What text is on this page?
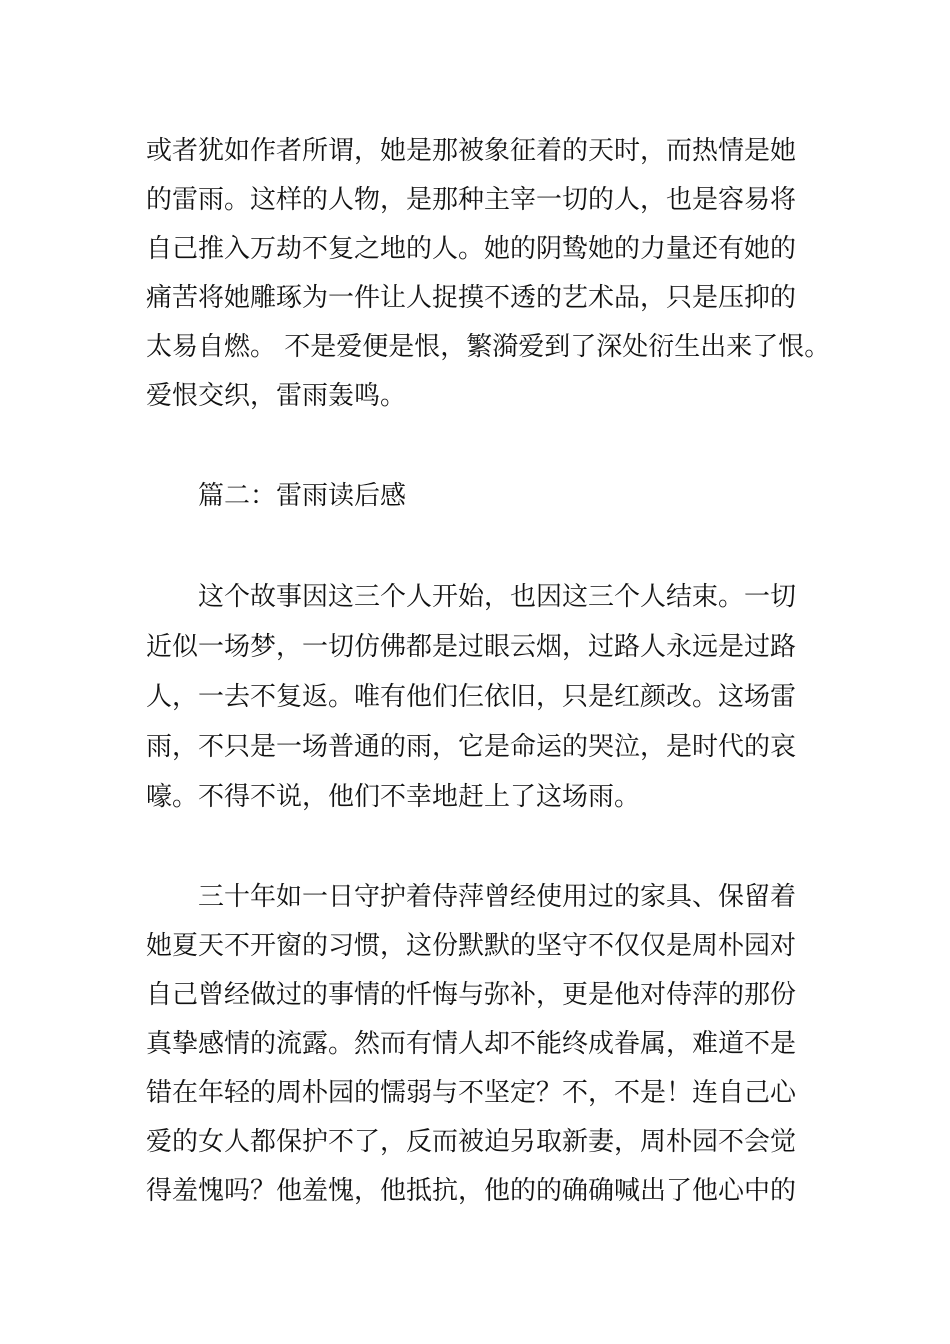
或者犹如作者所谓，她是那被象征着的天时，而热情是她
的雷雨。这样的人物，是那种主宰一切的人，也是容易将
自己推入万劫不复之地的人。她的阴鸷她的力量还有她的
痛苦将她雕琢为一件让人捉摸不透的艺术品，只是压抑的
太易自燃。 不是爱便是恨，繁漪爱到了深处衍生出来了恨。
爱恨交织，雷雨轰鸣。
篇二：雷雨读后感
这个故事因这三个人开始，也因这三个人结束。一切
近似一场梦，一切仿佛都是过眼云烟，过路人永远是过路
人，一去不复返。唯有他们仨依旧，只是红颜改。这场雷
雨，不只是一场普通的雨，它是命运的哭泣，是时代的哀
嚎。不得不说，他们不幸地赶上了这场雨。
三十年如一日守护着侍萍曾经使用过的家具、保留着
她夏天不开窗的习惯，这份默默的坚守不仅仅是周朴园对
自己曾经做过的事情的忏悔与弥补，更是他对侍萍的那份
真挚感情的流露。然而有情人却不能终成眷属，难道不是
错在年轻的周朴园的懦弱与不坚定？不，不是！连自己心
爱的女人都保护不了，反而被迫另取新妻，周朴园不会觉
得羞愧吗？他羞愧，他抵抗，他的的确确喊出了他心中的
